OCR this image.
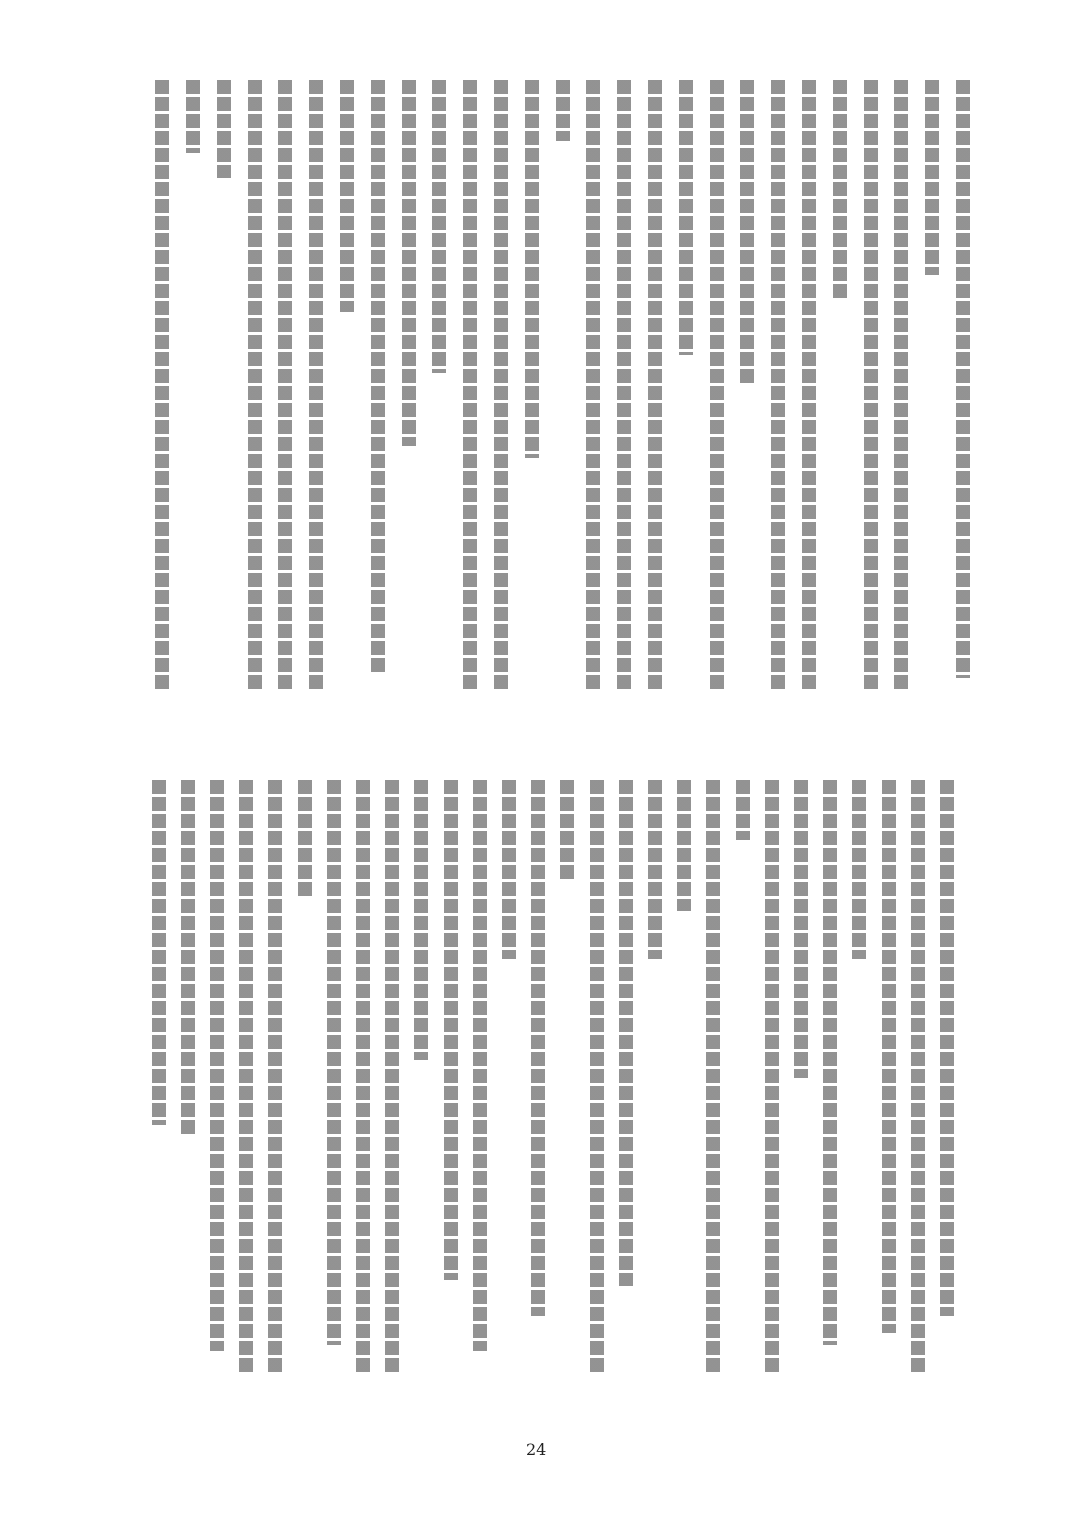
24
